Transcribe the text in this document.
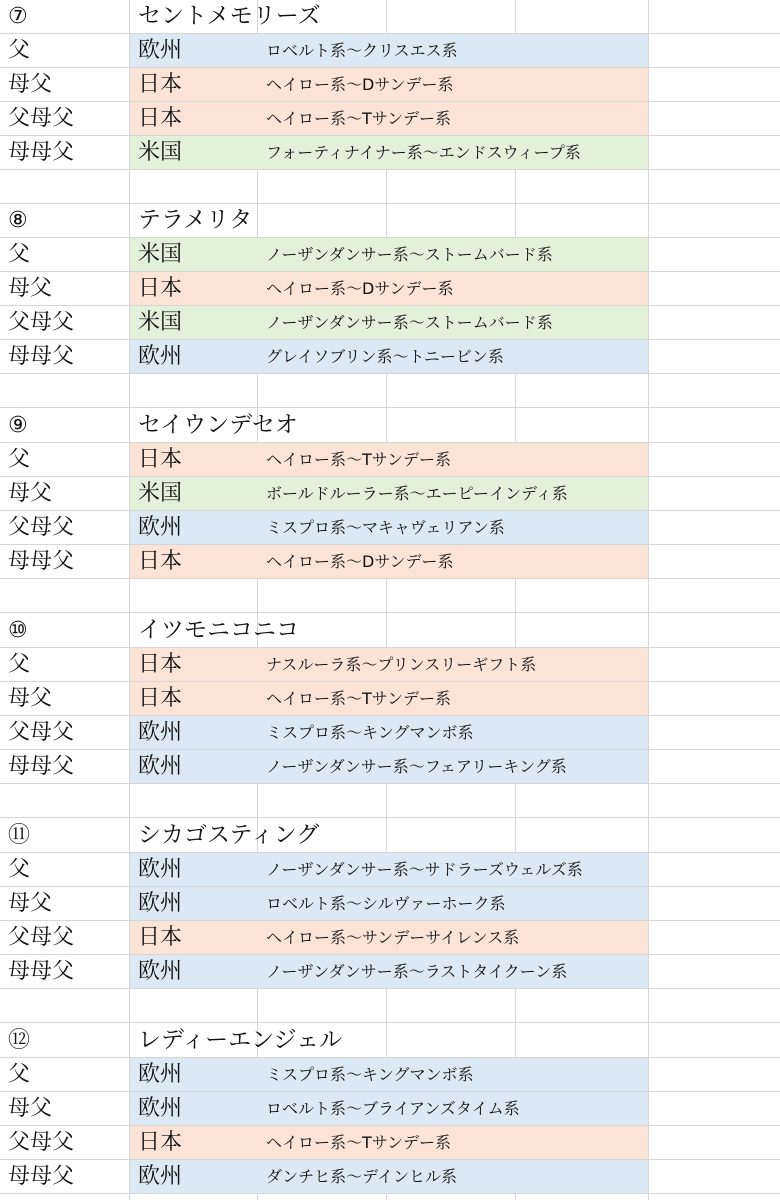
⑦	セントメモリーズ
父	欧州	ロベルト系～クリスエス系
母父	日本	ヘイロー系～Dサンデー系
父母父	日本	ヘイロー系～Tサンデー系
母母父	米国	フォーティナイナー系～エンドスウィープ系
⑧	テラメリタ
父	米国	ノーザンダンサー系～ストームバード系
母父	日本	ヘイロー系～Dサンデー系
父母父	米国	ノーザンダンサー系～ストームバード系
母母父	欧州	グレイソブリン系～トニービン系
⑨	セイウンデセオ
父	日本	ヘイロー系～Tサンデー系
母父	米国	ボールドルーラー系～エーピーインディ系
父母父	欧州	ミスプロ系～マキャヴェリアン系
母母父	日本	ヘイロー系～Dサンデー系
⑩	イツモニコニコ
父	日本	ナスルーラ系～プリンスリーギフト系
母父	日本	ヘイロー系～Tサンデー系
父母父	欧州	ミスプロ系～キングマンボ系
母母父	欧州	ノーザンダンサー系～フェアリーキング系
⑪	シカゴスティング
父	欧州	ノーザンダンサー系～サドラーズウェルズ系
母父	欧州	ロベルト系～シルヴァーホーク系
父母父	日本	ヘイロー系～サンデーサイレンス系
母母父	欧州	ノーザンダンサー系～ラストタイクーン系
⑫	レディーエンジェル
父	欧州	ミスプロ系～キングマンボ系
母父	欧州	ロベルト系～ブライアンズタイム系
父母父	日本	ヘイロー系～Tサンデー系
母母父	欧州	ダンチヒ系～デインヒル系
